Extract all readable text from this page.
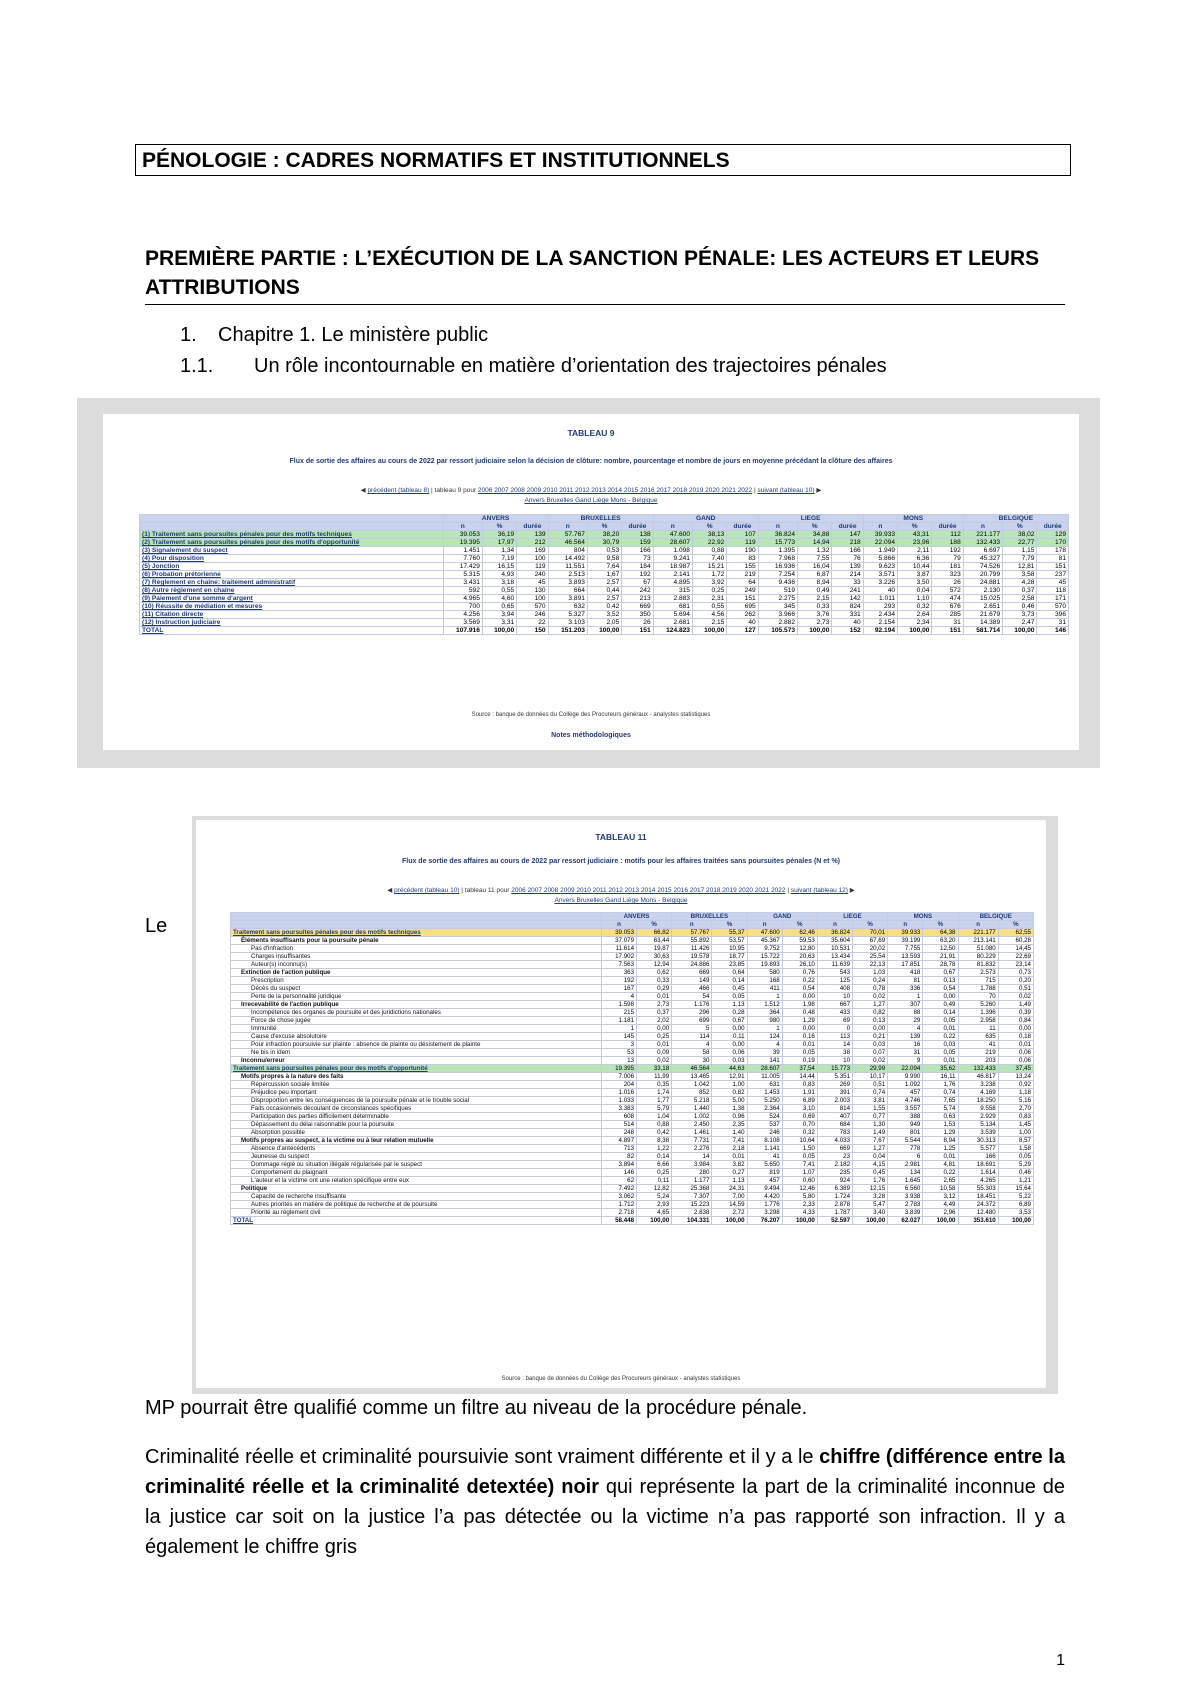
PÉNOLOGIE : CADRES NORMATIFS ET INSTITUTIONNELS
PREMIÈRE PARTIE : L’EXÉCUTION DE LA SANCTION PÉNALE: LES ACTEURS ET LEURS ATTRIBUTIONS
1. Chapitre 1. Le ministère public
1.1. Un rôle incontournable en matière d’orientation des trajectoires pénales
TABLEAU 9
Flux de sortie des affaires au cours de 2022 par ressort judiciaire selon la décision de clôture: nombre, pourcentage et nombre de jours en moyenne précédant la clôture des affaires
◀ précédent (tableau 8) | tableau 9 pour 2006 2007 2008 2009 2010 2011 2012 2013 2014 2015 2016 2017 2018 2019 2020 2021 2022 | suivant (tableau 10) ▶
Anvers Bruxelles Gand Liège Mons - Belgique
	ANVERS			BRUXELLES			GAND			LIEGE			MONS			BELGIQUE		
	n	%	durée	n	%	durée	n	%	durée	n	%	durée	n	%	durée	n	%	durée
(1) Traitement sans poursuites pénales pour des motifs techniques	39.053	36,19	139	57.767	38,20	138	47.600	38,13	107	36.824	34,88	147	39.933	43,31	112	221.177	38,02	129
(2) Traitement sans poursuites pénales pour des motifs d'opportunité	19.395	17,97	212	46.564	30,79	159	28.607	22,92	119	15.773	14,94	218	22.094	23,96	188	132.433	22,77	170
(3) Signalement du suspect	1.451	1,34	169	804	0,53	166	1.098	0,88	190	1.395	1,32	166	1.949	2,11	192	6.697	1,15	178
(4) Pour disposition	7.760	7,19	100	14.492	9,58	73	9.241	7,40	83	7.968	7,55	76	5.866	6,36	79	45.327	7,79	81
(5) Jonction	17.429	16,15	119	11.551	7,64	184	18.987	15,21	155	16.936	16,04	139	9.623	10,44	181	74.526	12,81	151
(6) Probation prétorienne	5.315	4,93	240	2.513	1,67	192	2.141	1,72	219	7.254	6,87	214	3.571	3,87	323	20.799	3,58	237
(7) Règlement en chaîne: traitement administratif	3.431	3,18	45	3.893	2,57	67	4.895	3,92	64	9.436	8,94	33	3.226	3,50	26	24.881	4,28	45
(8) Autre règlement en chaîne	592	0,55	130	664	0,44	242	315	0,25	249	519	0,49	241	40	0,04	572	2.130	0,37	118
(9) Paiement d'une somme d'argent	4.965	4,60	100	3.891	2,57	213	2.883	2,31	151	2.275	2,15	142	1.011	1,10	474	15.025	2,58	171
(10) Réussite de médiation et mesures	700	0,65	570	632	0,42	669	681	0,55	695	345	0,33	824	293	0,32	676	2.651	0,46	570
(11) Citation directe	4.256	3,94	246	5.327	3,52	350	5.694	4,56	262	3.966	3,76	331	2.434	2,64	285	21.679	3,73	396
(12) Instruction judiciaire	3.569	3,31	22	3.103	2,05	26	2.681	2,15	40	2.882	2,73	40	2.154	2,34	31	14.389	2,47	31
TOTAL	107.916	100,00	150	151.203	100,00	151	124.823	100,00	127	105.573	100,00	152	92.194	100,00	151	581.714	100,00	146
Source : banque de données du Collège des Procureurs généraux - analystes statistiques
Notes méthodologiques
Le
TABLEAU 11
Flux de sortie des affaires au cours de 2022 par ressort judiciaire : motifs pour les affaires traitées sans poursuites pénales (N et %)
◀ précédent (tableau 10) | tableau 11 pour 2006 2007 2008 2009 2010 2011 2012 2013 2014 2015 2016 2017 2018 2019 2020 2021 2022 | suivant (tableau 12) ▶
Anvers Bruxelles Gand Liège Mons - Belgique
	ANVERS		BRUXELLES		GAND		LIEGE		MONS		BELGIQUE	
	n	%	n	%	n	%	n	%	n	%	n	%
Traitement sans poursuites pénales pour des motifs techniques	39.053	66,82	57.767	55,37	47.600	62,46	36.824	70,01	39.933	64,38	221.177	62,55
Éléments insuffisants pour la poursuite pénale	37.079	63,44	55.892	53,57	45.367	59,53	35.604	67,69	39.199	63,20	213.141	60,28
Pas d'infraction	11.614	19,87	11.426	10,95	9.752	12,80	10.531	20,02	7.755	12,50	51.080	14,45
Charges insuffisantes	17.902	30,63	19.578	18,77	15.722	20,63	13.434	25,54	13.593	21,91	80.229	22,69
Auteur(s) inconnu(s)	7.563	12,94	24.886	23,85	19.893	26,10	11.639	22,13	17.851	28,78	81.832	23,14
Extinction de l'action publique	363	0,62	669	0,64	580	0,76	543	1,03	418	0,67	2.573	0,73
Prescription	192	0,33	149	0,14	168	0,22	125	0,24	81	0,13	715	0,20
Décès du suspect	167	0,29	466	0,45	411	0,54	408	0,78	336	0,54	1.788	0,51
Perte de la personnalité juridique	4	0,01	54	0,05	1	0,00	10	0,02	1	0,00	70	0,02
Irrecevabilité de l'action publique	1.598	2,73	1.176	1,13	1.512	1,98	667	1,27	307	0,49	5.260	1,49
Incompétence des organes de poursuite et des juridictions nationales	215	0,37	296	0,28	364	0,48	433	0,82	88	0,14	1.396	0,39
Force de chose jugée	1.181	2,02	699	0,67	980	1,29	69	0,13	29	0,05	2.958	0,84
Immunité	1	0,00	5	0,00	1	0,00	0	0,00	4	0,01	11	0,00
Cause d'excuse absolutoire	145	0,25	114	0,11	124	0,16	113	0,21	139	0,22	635	0,18
Pour infraction poursuivie sur plainte : absence de plainte ou désistement de plainte	3	0,01	4	0,00	4	0,01	14	0,03	16	0,03	41	0,01
Ne bis in idem	53	0,09	58	0,06	39	0,05	38	0,07	31	0,05	219	0,06
Inconnu/erreur	13	0,02	30	0,03	141	0,19	10	0,02	9	0,01	203	0,06
Traitement sans poursuites pénales pour des motifs d'opportunité	19.395	33,18	46.564	44,63	28.607	37,54	15.773	29,99	22.094	35,62	132.433	37,45
Motifs propres à la nature des faits	7.006	11,99	13.465	12,91	11.005	14,44	5.351	10,17	9.990	16,11	46.817	13,24
Répercussion sociale limitée	204	0,35	1.042	1,00	631	0,83	269	0,51	1.092	1,76	3.238	0,92
Préjudice peu important	1.016	1,74	852	0,82	1.453	1,91	391	0,74	457	0,74	4.169	1,18
Disproportion entre les conséquences de la poursuite pénale et le trouble social	1.033	1,77	5.218	5,00	5.250	6,89	2.003	3,81	4.746	7,65	18.250	5,16
Faits occasionnels découlant de circonstances spécifiques	3.383	5,79	1.440	1,38	2.364	3,10	814	1,55	3.557	5,74	9.558	2,70
Participation des parties difficilement déterminable	608	1,04	1.002	0,96	524	0,69	407	0,77	388	0,63	2.929	0,83
Dépassement du délai raisonnable pour la poursuite	514	0,88	2.450	2,35	537	0,70	684	1,30	949	1,53	5.134	1,45
Absorption possible	248	0,42	1.461	1,40	246	0,32	783	1,49	801	1,29	3.539	1,00
Motifs propres au suspect, à la victime ou à leur relation mutuelle	4.897	8,38	7.731	7,41	8.108	10,64	4.033	7,67	5.544	8,94	30.313	8,57
Absence d'antécédents	713	1,22	2.276	2,18	1.141	1,50	669	1,27	778	1,25	5.577	1,58
Jeunesse du suspect	82	0,14	14	0,01	41	0,05	23	0,04	6	0,01	166	0,05
Dommage réglé ou situation illégale régularisée par le suspect	3.894	6,66	3.984	3,82	5.650	7,41	2.182	4,15	2.981	4,81	18.691	5,29
Comportement du plaignant	146	0,25	280	0,27	819	1,07	235	0,45	134	0,22	1.614	0,46
L'auteur et la victime ont une relation spécifique entre eux	62	0,11	1.177	1,13	457	0,60	924	1,76	1.645	2,65	4.265	1,21
Politique	7.492	12,82	25.368	24,31	9.494	12,46	6.389	12,15	6.560	10,58	55.303	15,64
Capacité de recherche insuffisante	3.062	5,24	7.307	7,00	4.420	5,80	1.724	3,28	3.938	3,12	18.451	5,22
Autres priorités en matière de politique de recherche et de poursuite	1.712	2,93	15.223	14,59	1.776	2,33	2.878	5,47	2.783	4,49	24.372	6,89
Priorité au règlement civil	2.718	4,65	2.838	2,72	3.298	4,33	1.787	3,40	3.839	2,96	12.480	3,53
TOTAL	58.448	100,00	104.331	100,00	76.207	100,00	52.597	100,00	62.027	100,00	353.610	100,00
Source : banque de données du Collège des Procureurs généraux - analystes statistiques
MP pourrait être qualifié comme un filtre au niveau de la procédure pénale.
Criminalité réelle et criminalité poursuivie sont vraiment différente et il y a le chiffre (différence entre la criminalité réelle et la criminalité detextée) noir qui représente la part de la criminalité inconnue de la justice car soit on la justice l’a pas détectée ou la victime n’a pas rapporté son infraction. Il y a également le chiffre gris
1
